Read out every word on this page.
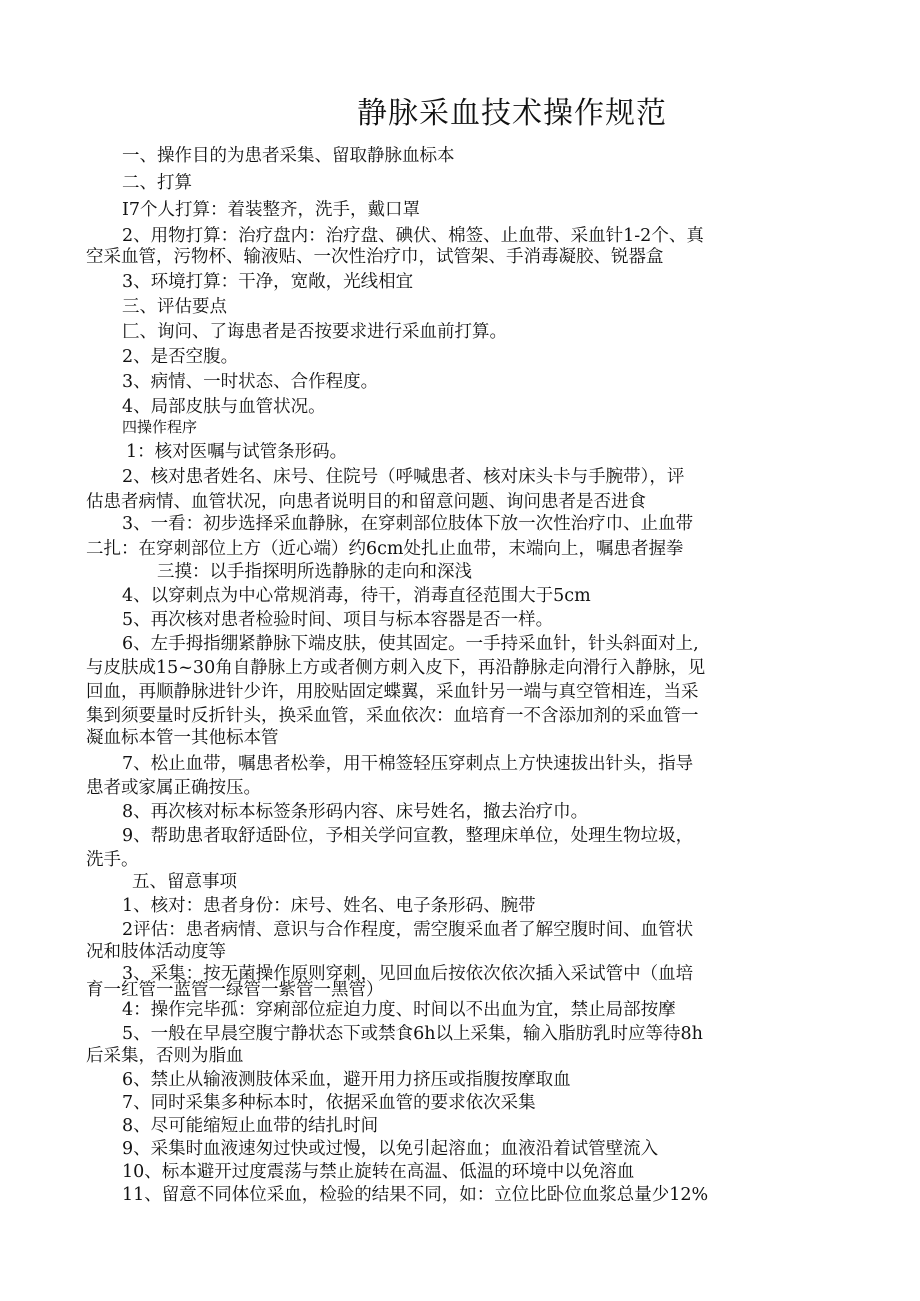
静脉采血技术操作规范
一、操作目的为患者采集、留取静脉血标本
二、打算
I7个人打算：着装整齐，洗手，戴口罩
2、用物打算：治疗盘内：治疗盘、碘伏、棉签、止血带、采血针1-2个、真
空采血管，污物杯、输液贴、一次性治疗巾，试管架、手消毒凝胶、锐器盒
3、环境打算：干净，宽敞，光线相宜
三、评估要点
匚、询问、了诲患者是否按要求进行采血前打算。
2、是否空腹。
3、病情、一时状态、合作程度。
4、局部皮肤与血管状况。
四操作程序
1：核对医嘱与试管条形码。
2、核对患者姓名、床号、住院号（呼喊患者、核对床头卡与手腕带），评
估患者病情、血管状况，向患者说明目的和留意问题、询问患者是否进食
3、一看：初步选择采血静脉，在穿刺部位肢体下放一次性治疗巾、止血带
二扎：在穿刺部位上方（近心端）约6cm处扎止血带，末端向上，嘱患者握拳
三摸：以手指探明所选静脉的走向和深浅
4、以穿刺点为中心常规消毒，待干，消毒直径范围大于5cm
5、再次核对患者检验时间、项目与标本容器是否一样。
6、左手拇指绷紧静脉下端皮肤，使其固定。一手持采血针，针头斜面对上,
与皮肤成15~30角自静脉上方或者侧方刺入皮下，再沿静脉走向滑行入静脉，见
回血，再顺静脉进针少许，用胶贴固定蝶翼，采血针另一端与真空管相连，当采
集到须要量时反折针头，换采血管，采血依次：血培育一不含添加剂的采血管一
凝血标本管一其他标本管
7、松止血带，嘱患者松拳，用干棉签轻压穿刺点上方快速拔出针头，指导
患者或家属正确按压。
8、再次核对标本标签条形码内容、床号姓名，撤去治疗巾。
9、帮助患者取舒适卧位，予相关学问宣教，整理床单位，处理生物垃圾，
洗手。
五、留意事项
1、核对：患者身份：床号、姓名、电子条形码、腕带
2评估：患者病情、意识与合作程度，需空腹采血者了解空腹时间、血管状
况和肢体活动度等
3、采集：按无菌操作原则穿刺，见回血后按依次依次插入采试管中（血培
育一红管一蓝管一绿管一紫管一黑管）
4：操作完毕孤：穿痢部位症迫力度、时间以不出血为宜，禁止局部按摩
5、一般在早晨空腹宁静状态下或禁食6h以上采集，输入脂肪乳时应等待8h
后采集，否则为脂血
6、禁止从输液测肢体采血，避开用力挤压或指腹按摩取血
7、同时采集多种标本时，依据采血管的要求依次采集
8、尽可能缩短止血带的结扎时间
9、采集时血液速匆过快或过慢，以免引起溶血；血液沿着试管壁流入
10、标本避开过度震荡与禁止旋转在高温、低温的环境中以免溶血
11、留意不同体位采血，检验的结果不同，如：立位比卧位血浆总量少12%
